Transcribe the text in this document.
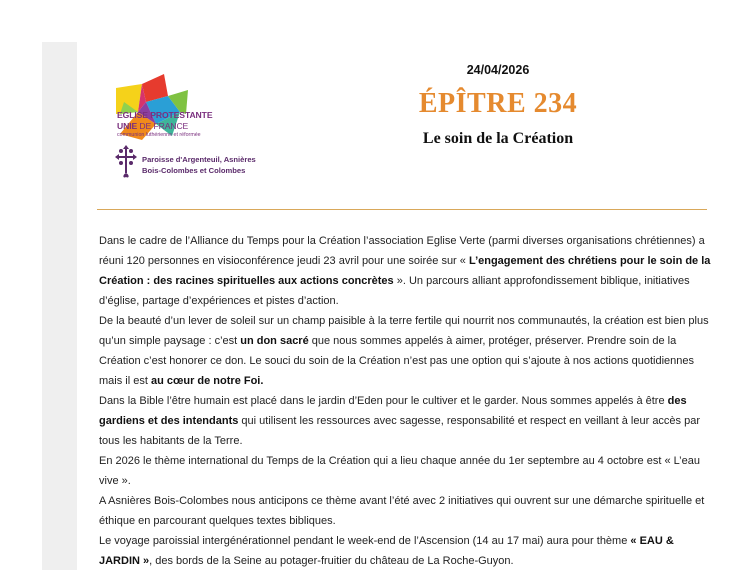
EGLISE PROTESTANTE
UNIE DE FRANCE
communion luthérienne et réformée
Paroisse d'Argenteuil, Asnières
Bois-Colombes et Colombes
24/04/2026
ÉPÎTRE 234
Le soin de la Création

Dans le cadre de l’Alliance du Temps pour la Création l’association Eglise Verte (parmi diverses organisations chrétiennes) a réuni 120 personnes en visioconférence jeudi 23 avril pour une soirée sur « L’engagement des chrétiens pour le soin de la Création : des racines spirituelles aux actions concrètes ». Un parcours alliant approfondissement biblique, initiatives d’église, partage d’expériences et pistes d’action.

De la beauté d’un lever de soleil sur un champ paisible à la terre fertile qui nourrit nos communautés, la création est bien plus qu’un simple paysage : c’est un don sacré que nous sommes appelés à aimer, protéger, préserver. Prendre soin de la Création c’est honorer ce don. Le souci du soin de la Création n’est pas une option qui s’ajoute à nos actions quotidiennes mais il est au cœur de notre Foi.

Dans la Bible l’être humain est placé dans le jardin d’Eden pour le cultiver et le garder. Nous sommes appelés à être des gardiens et des intendants qui utilisent les ressources avec sagesse, responsabilité et respect en veillant à leur accès par tous les habitants de la Terre.

En 2026 le thème international du Temps de la Création qui a lieu chaque année du 1er septembre au 4 octobre est « L’eau vive ».

A Asnières Bois-Colombes nous anticipons ce thème avant l’été avec 2 initiatives qui ouvrent sur une démarche spirituelle et éthique en parcourant quelques textes bibliques.

Le voyage paroissial intergénérationnel pendant le week-end de l’Ascension (14 au 17 mai) aura pour thème « EAU & JARDIN », des bords de la Seine au potager-fruitier du château de La Roche-Guyon.
